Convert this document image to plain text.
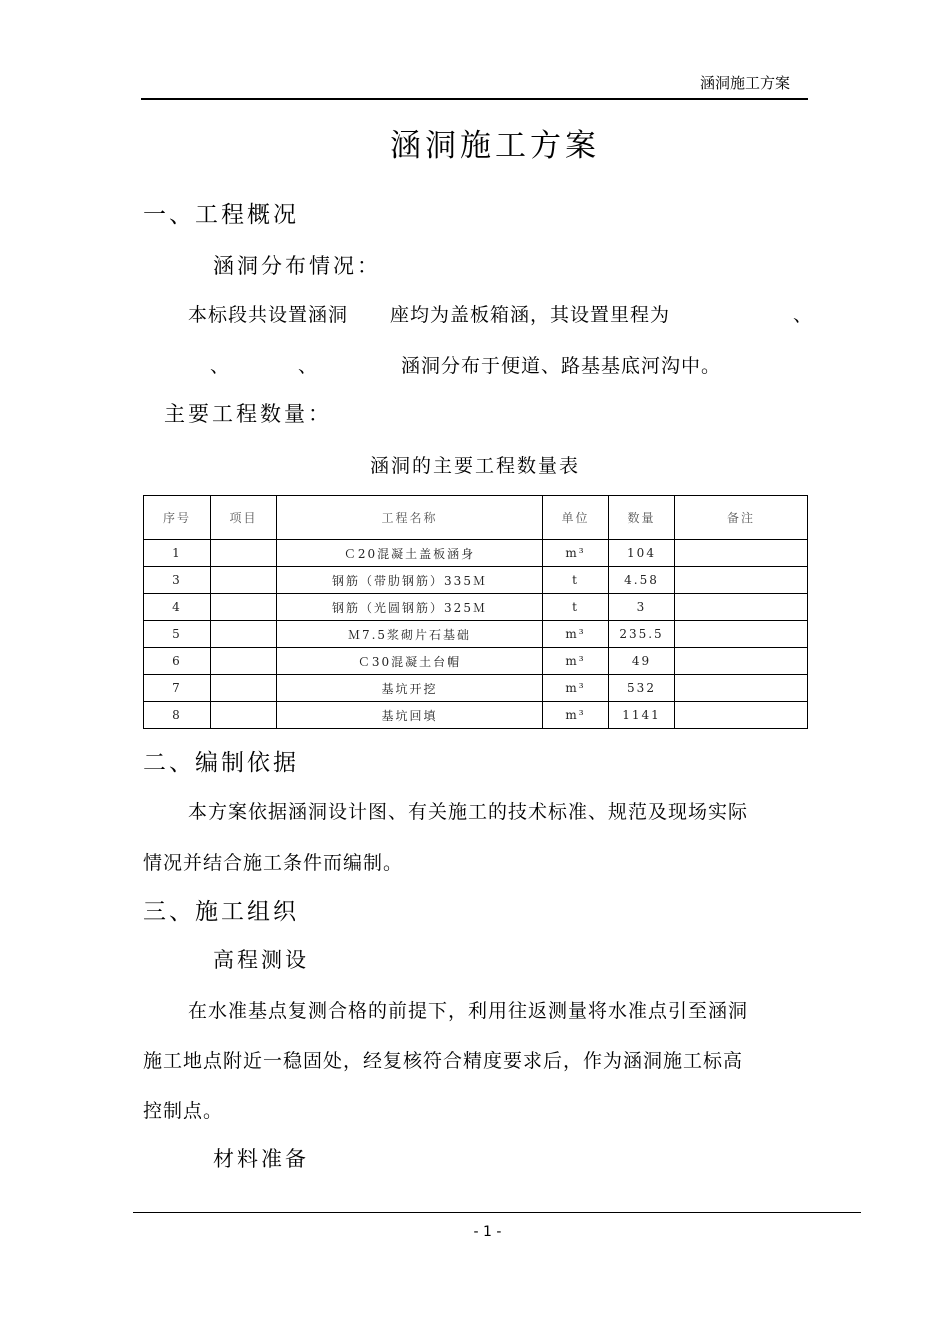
涵洞施工方案
涵洞施工方案
一、工程概况
涵洞分布情况：
本标段共设置涵洞 座均为盖板箱涵，其设置里程为	、
、	、	涵洞分布于便道、路基基底河沟中。
主要工程数量：
涵洞的主要工程数量表
序号	项目	工程名称	单位	数量	备注
1		Ｃ20混凝土盖板涵身	m³	104	
3		钢筋（带肋钢筋）335Ｍ	t	4.58	
4		钢筋（光圆钢筋）325Ｍ	t	3	
5		Ｍ7.5浆砌片石基础	m³	235.5	
6		Ｃ30混凝土台帽	m³	49	
7		基坑开挖	m³	532	
8		基坑回填	m³	1141	
二、编制依据
本方案依据涵洞设计图、有关施工的技术标准、规范及现场实际
情况并结合施工条件而编制。
三、施工组织
高程测设
在水准基点复测合格的前提下，利用往返测量将水准点引至涵洞
施工地点附近一稳固处，经复核符合精度要求后，作为涵洞施工标高
控制点。
材料准备
- 1 -
